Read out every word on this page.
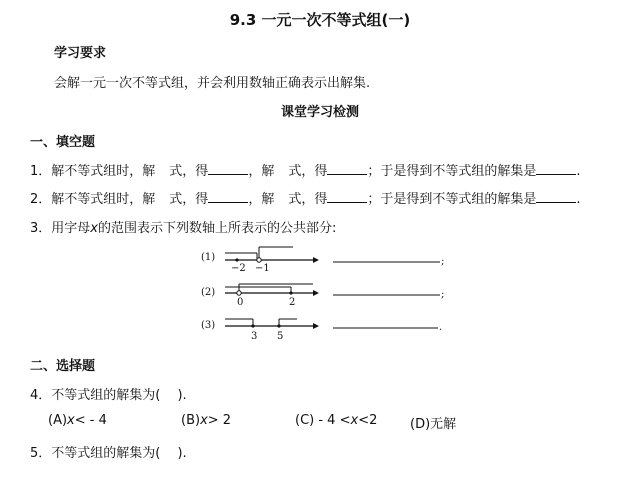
9.3 一元一次不等式组(一)
学习要求
会解一元一次不等式组，并会利用数轴正确表示出解集.
课堂学习检测
一、填空题
1．解不等式组时，解 式，得	，解 式，得	；于是得到不等式组的解集是	.
2．解不等式组时，解 式，得	，解 式，得	；于是得到不等式组的解集是	.
3．用字母x的范围表示下列数轴上所表示的公共部分:
(1)
−2 −1
;
(2)
0	2
;
(3)
3 5
.
二、选择题
4．不等式组的解集为(　 ).
(A)x< - 4	(B)x> 2	(C) - 4 <x<2	(D)无解
5．不等式组的解集为(　 ).
